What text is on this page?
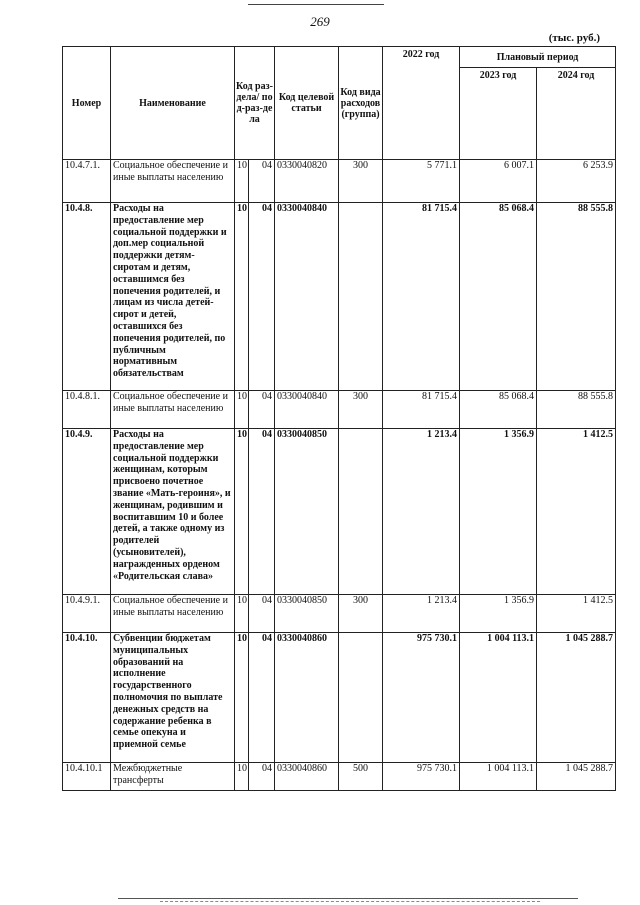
269
(тыс. руб.)
Номер	Наименование	Код раз-дела/ под-раз-дела		Код целевой статьи	Код вида расходов (группа)	2022 год	Плановый период	
							2023 год	2024 год
10.4.7.1.	Социальное обеспечение и иные выплаты населению	10	04	0330040820	300	5 771.1	6 007.1	6 253.9
10.4.8.	Расходы на предоставление мер социальной поддержки и доп.мер социальной поддержки детям-сиротам и детям, оставшимся без попечения родителей, и лицам из числа детей-сирот и детей, оставшихся без попечения родителей, по публичным нормативным обязательствам	10	04	0330040840		81 715.4	85 068.4	88 555.8
10.4.8.1.	Социальное обеспечение и иные выплаты населению	10	04	0330040840	300	81 715.4	85 068.4	88 555.8
10.4.9.	Расходы на предоставление мер социальной поддержки женщинам, которым присвоено почетное звание «Мать-героиня», и женщинам, родившим и воспитавшим 10 и более детей, а также одному из родителей (усыновителей), награжденных орденом «Родительская слава»	10	04	0330040850		1 213.4	1 356.9	1 412.5
10.4.9.1.	Социальное обеспечение и иные выплаты населению	10	04	0330040850	300	1 213.4	1 356.9	1 412.5
10.4.10.	Субвенции бюджетам муниципальных образований на исполнение государственного полномочия по выплате денежных средств на содержание ребенка в семье опекуна и приемной семье	10	04	0330040860		975 730.1	1 004 113.1	1 045 288.7
10.4.10.1	Межбюджетные трансферты	10	04	0330040860	500	975 730.1	1 004 113.1	1 045 288.7
